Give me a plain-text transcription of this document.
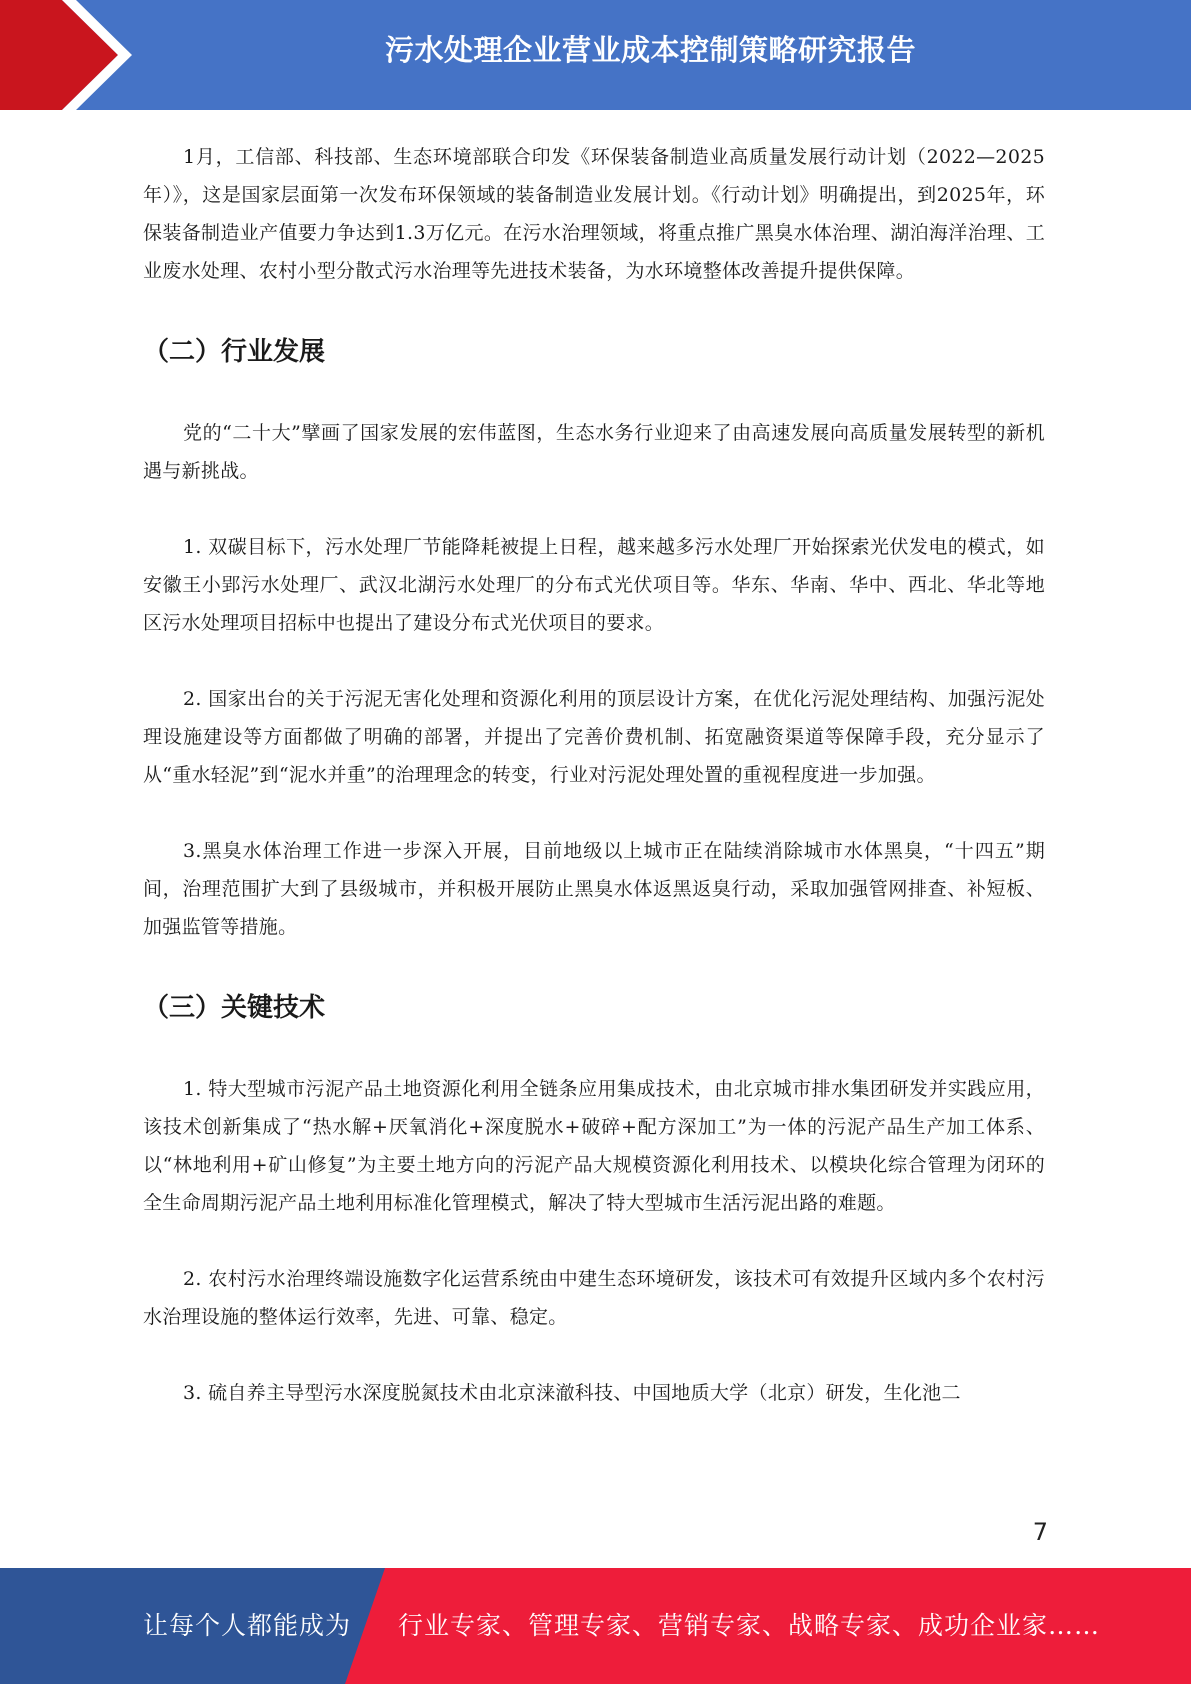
污水处理企业营业成本控制策略研究报告

1月，工信部、科技部、生态环境部联合印发《环保装备制造业高质量发展行动计划（2022—2025年）》，这是国家层面第一次发布环保领域的装备制造业发展计划。《行动计划》明确提出，到2025年，环保装备制造业产值要力争达到1.3万亿元。在污水治理领域，将重点推广黑臭水体治理、湖泊海洋治理、工业废水处理、农村小型分散式污水治理等先进技术装备，为水环境整体改善提升提供保障。

（二）行业发展

党的“二十大”擘画了国家发展的宏伟蓝图，生态水务行业迎来了由高速发展向高质量发展转型的新机遇与新挑战。

1. 双碳目标下，污水处理厂节能降耗被提上日程，越来越多污水处理厂开始探索光伏发电的模式，如安徽王小郢污水处理厂、武汉北湖污水处理厂的分布式光伏项目等。华东、华南、华中、西北、华北等地区污水处理项目招标中也提出了建设分布式光伏项目的要求。

2. 国家出台的关于污泥无害化处理和资源化利用的顶层设计方案，在优化污泥处理结构、加强污泥处理设施建设等方面都做了明确的部署，并提出了完善价费机制、拓宽融资渠道等保障手段，充分显示了从“重水轻泥”到“泥水并重”的治理理念的转变，行业对污泥处理处置的重视程度进一步加强。

3.黑臭水体治理工作进一步深入开展，目前地级以上城市正在陆续消除城市水体黑臭，“十四五”期间，治理范围扩大到了县级城市，并积极开展防止黑臭水体返黑返臭行动，采取加强管网排查、补短板、加强监管等措施。

（三）关键技术

1. 特大型城市污泥产品土地资源化利用全链条应用集成技术，由北京城市排水集团研发并实践应用，该技术创新集成了“热水解+厌氧消化+深度脱水+破碎+配方深加工”为一体的污泥产品生产加工体系、以“林地利用+矿山修复”为主要土地方向的污泥产品大规模资源化利用技术、以模块化综合管理为闭环的全生命周期污泥产品土地利用标准化管理模式，解决了特大型城市生活污泥出路的难题。

2. 农村污水治理终端设施数字化运营系统由中建生态环境研发，该技术可有效提升区域内多个农村污水治理设施的整体运行效率，先进、可靠、稳定。

3. 硫自养主导型污水深度脱氮技术由北京涞澈科技、中国地质大学（北京）研发，生化池二

7
让每个人都能成为 行业专家、管理专家、营销专家、战略专家、成功企业家……
